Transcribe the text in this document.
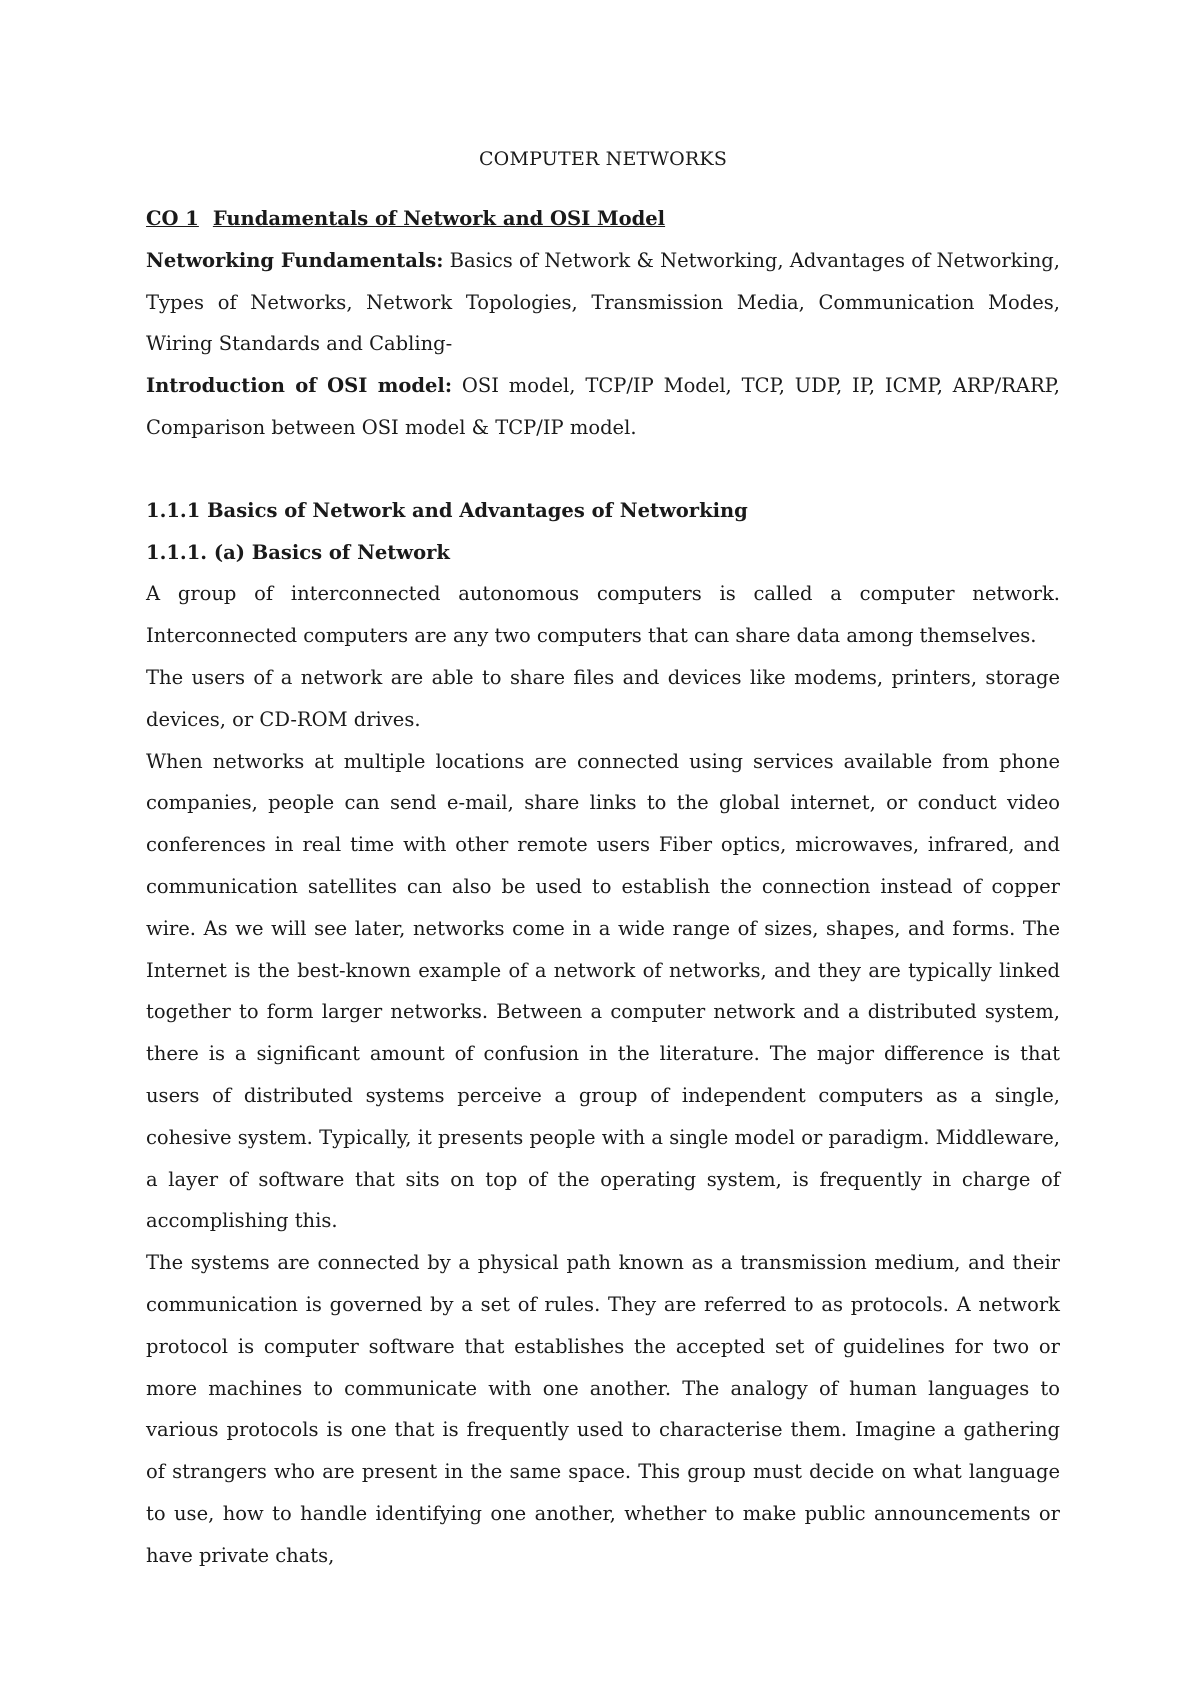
COMPUTER NETWORKS

CO 1 Fundamentals of Network and OSI Model

Networking Fundamentals: Basics of Network & Networking, Advantages of Networking, Types of Networks, Network Topologies, Transmission Media, Communication Modes, Wiring Standards and Cabling-

Introduction of OSI model: OSI model, TCP/IP Model, TCP, UDP, IP, ICMP, ARP/RARP, Comparison between OSI model & TCP/IP model.

1.1.1 Basics of Network and Advantages of Networking
1.1.1. (a) Basics of Network

A group of interconnected autonomous computers is called a computer network. Interconnected computers are any two computers that can share data among themselves.

The users of a network are able to share files and devices like modems, printers, storage devices, or CD-ROM drives.

When networks at multiple locations are connected using services available from phone companies, people can send e-mail, share links to the global internet, or conduct video conferences in real time with other remote users Fiber optics, microwaves, infrared, and communication satellites can also be used to establish the connection instead of copper wire. As we will see later, networks come in a wide range of sizes, shapes, and forms. The Internet is the best-known example of a network of networks, and they are typically linked together to form larger networks. Between a computer network and a distributed system, there is a significant amount of confusion in the literature. The major difference is that users of distributed systems perceive a group of independent computers as a single, cohesive system. Typically, it presents people with a single model or paradigm. Middleware, a layer of software that sits on top of the operating system, is frequently in charge of accomplishing this.

The systems are connected by a physical path known as a transmission medium, and their communication is governed by a set of rules. They are referred to as protocols. A network protocol is computer software that establishes the accepted set of guidelines for two or more machines to communicate with one another. The analogy of human languages to various protocols is one that is frequently used to characterise them. Imagine a gathering of strangers who are present in the same space. This group must decide on what language to use, how to handle identifying one another, whether to make public announcements or have private chats,
